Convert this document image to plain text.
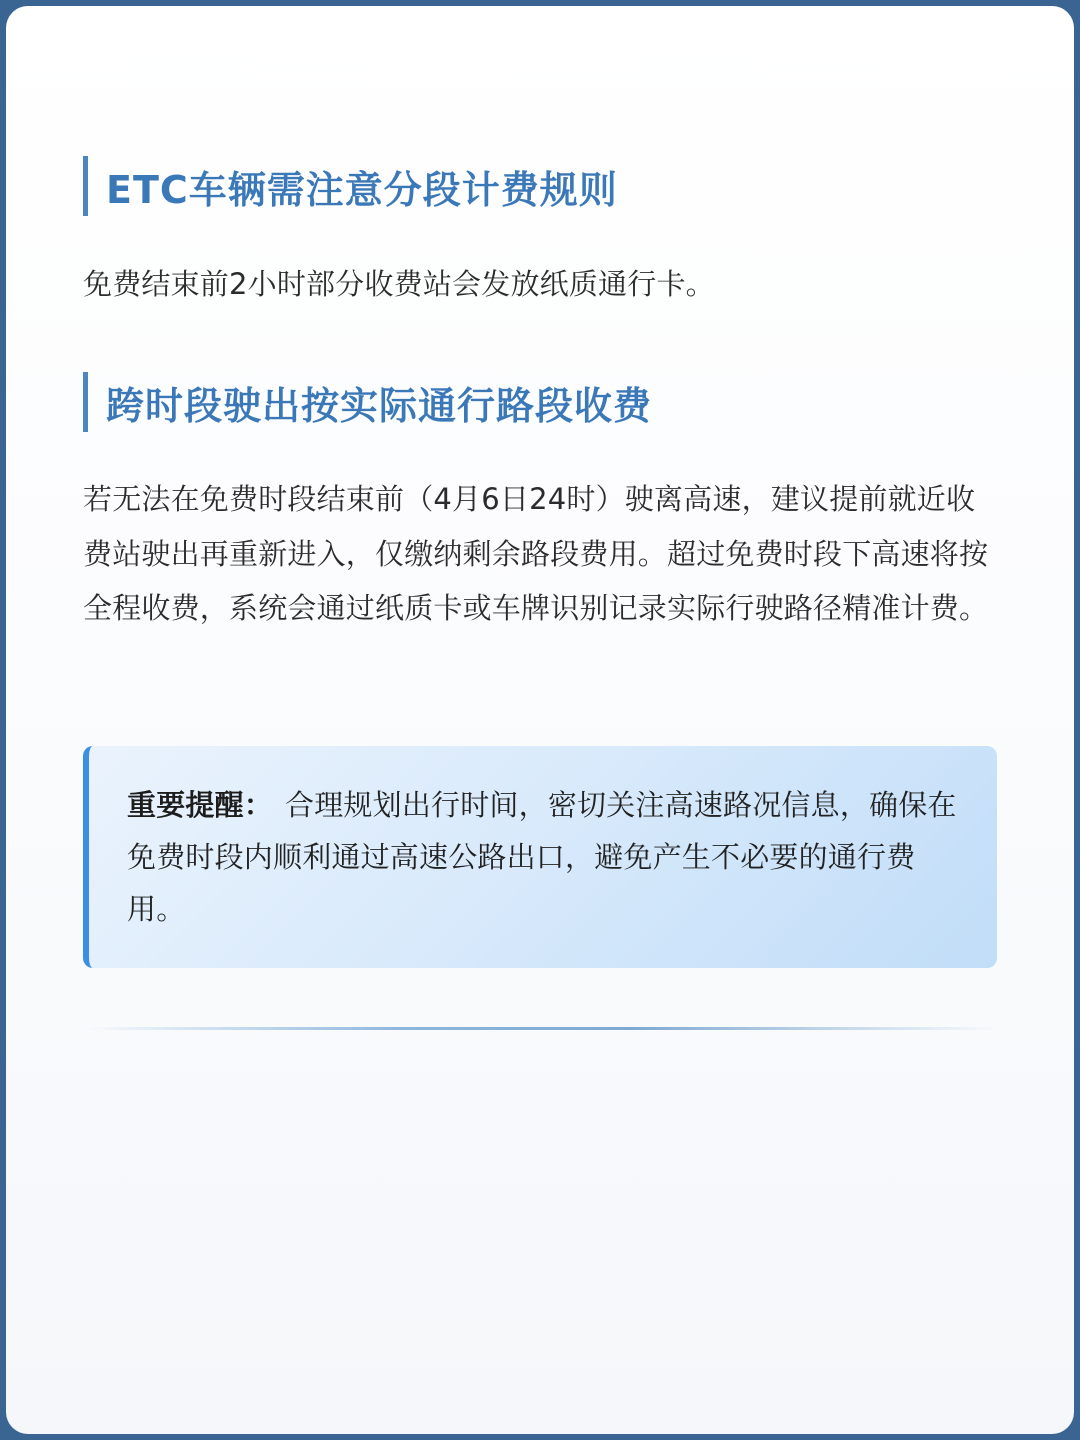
ETC车辆需注意分段计费规则
免费结束前2小时部分收费站会发放纸质通行卡。
跨时段驶出按实际通行路段收费
若无法在免费时段结束前（4月6日24时）驶离高速，建议提前就近收费站驶出再重新进入，仅缴纳剩余路段费用。超过免费时段下高速将按全程收费，系统会通过纸质卡或车牌识别记录实际行驶路径精准计费。
重要提醒： 合理规划出行时间，密切关注高速路况信息，确保在免费时段内顺利通过高速公路出口，避免产生不必要的通行费用。
